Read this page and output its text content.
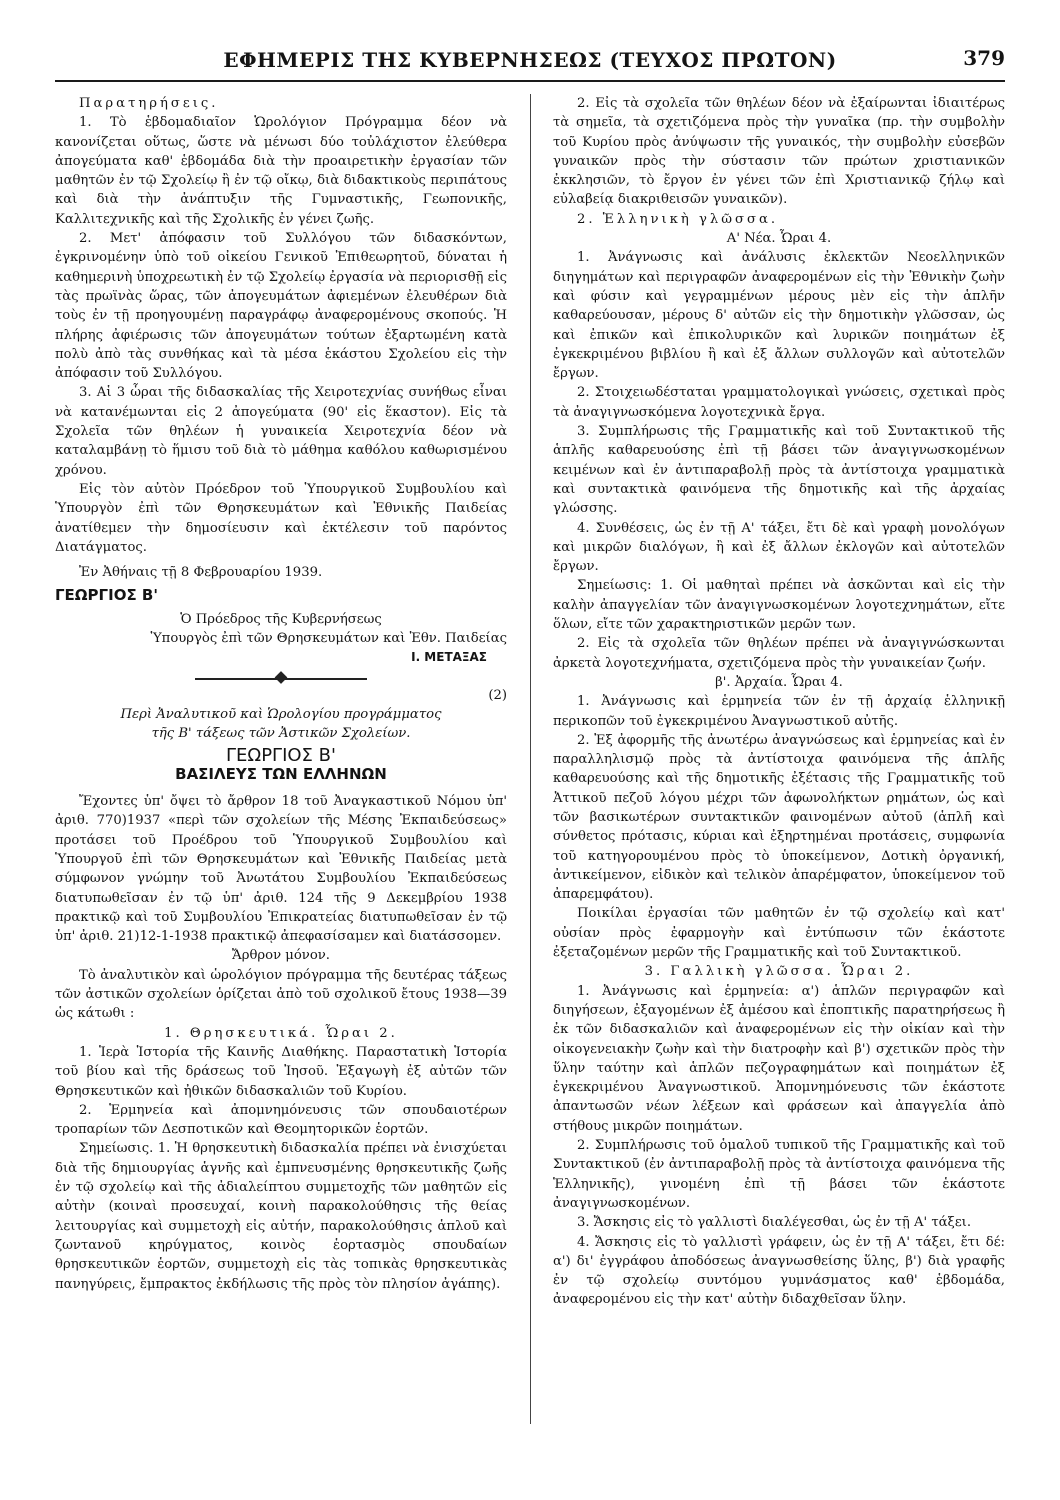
ΕΦΗΜΕΡΙΣ ΤΗΣ ΚΥΒΕΡΝΗΣΕΩΣ (ΤΕΥΧΟΣ ΠΡΩΤΟΝ)	379

Παρατηρήσεις.

1. Τὸ ἑβδομαδιαῖον Ὡρολόγιον Πρόγραμμα δέον νὰ κανονίζεται οὕτως, ὥστε νὰ μένωσι δύο τοὐλάχιστον ἐλεύθερα ἀπογεύματα καθ' ἑβδομάδα διὰ τὴν προαιρετικὴν ἐργασίαν τῶν μαθητῶν ἐν τῷ Σχολείῳ ἢ ἐν τῷ οἴκῳ, διὰ διδακτικοὺς περιπάτους καὶ διὰ τὴν ἀνάπτυξιν τῆς Γυμναστικῆς, Γεωπονικῆς, Καλλιτεχνικῆς καὶ τῆς Σχολικῆς ἐν γένει ζωῆς.

2. Μετ' ἀπόφασιν τοῦ Συλλόγου τῶν διδασκόντων, ἐγκρινομένην ὑπὸ τοῦ οἰκείου Γενικοῦ Ἐπιθεωρητοῦ, δύναται ἡ καθημερινὴ ὑποχρεωτικὴ ἐν τῷ Σχολείῳ ἐργασία νὰ περιορισθῇ εἰς τὰς πρωϊνὰς ὥρας, τῶν ἀπογευμάτων ἀφιεμένων ἐλευθέρων διὰ τοὺς ἐν τῇ προηγουμένῃ παραγράφῳ ἀναφερομένους σκοπούς. Ἡ πλήρης ἀφιέρωσις τῶν ἀπογευμάτων τούτων ἐξαρτωμένη κατὰ πολὺ ἀπὸ τὰς συνθήκας καὶ τὰ μέσα ἑκάστου Σχολείου εἰς τὴν ἀπόφασιν τοῦ Συλλόγου.

3. Αἱ 3 ὧραι τῆς διδασκαλίας τῆς Χειροτεχνίας συνήθως εἶναι νὰ κατανέμωνται εἰς 2 ἀπογεύματα (90' εἰς ἕκαστον). Εἰς τὰ Σχολεῖα τῶν θηλέων ἡ γυναικεία Χειροτεχνία δέον νὰ καταλαμβάνῃ τὸ ἥμισυ τοῦ διὰ τὸ μάθημα καθόλου καθωρισμένου χρόνου.

Εἰς τὸν αὐτὸν Πρόεδρον τοῦ Ὑπουργικοῦ Συμβουλίου καὶ Ὑπουργὸν ἐπὶ τῶν Θρησκευμάτων καὶ Ἐθνικῆς Παιδείας ἀνατίθεμεν τὴν δημοσίευσιν καὶ ἐκτέλεσιν τοῦ παρόντος Διατάγματος.

Ἐν Ἀθήναις τῇ 8 Φεβρουαρίου 1939.

ΓΕΩΡΓΙΟΣ Β'

Ὁ Πρόεδρος τῆς Κυβερνήσεως

Ὑπουργὸς ἐπὶ τῶν Θρησκευμάτων καὶ Ἐθν. Παιδείας

Ι. ΜΕΤΑΞΑΣ

(2)

Περὶ Ἀναλυτικοῦ καὶ Ὡρολογίου προγράμματος

τῆς Β' τάξεως τῶν Ἀστικῶν Σχολείων.

ΓΕΩΡΓΙΟΣ Β'

ΒΑΣΙΛΕΥΣ ΤΩΝ ΕΛΛΗΝΩΝ

Ἔχοντες ὑπ' ὄψει τὸ ἄρθρον 18 τοῦ Ἀναγκαστικοῦ Νόμου ὑπ' ἀριθ. 770)1937 «περὶ τῶν σχολείων τῆς Μέσης Ἐκπαιδεύσεως» προτάσει τοῦ Προέδρου τοῦ Ὑπουργικοῦ Συμβουλίου καὶ Ὑπουργοῦ ἐπὶ τῶν Θρησκευμάτων καὶ Ἐθνικῆς Παιδείας μετὰ σύμφωνον γνώμην τοῦ Ἀνωτάτου Συμβουλίου Ἐκπαιδεύσεως διατυπωθεῖσαν ἐν τῷ ὑπ' ἀριθ. 124 τῆς 9 Δεκεμβρίου 1938 πρακτικῷ καὶ τοῦ Συμβουλίου Ἐπικρατείας διατυπωθεῖσαν ἐν τῷ ὑπ' ἀριθ. 21)12-1-1938 πρακτικῷ ἀπεφασίσαμεν καὶ διατάσσομεν.

Ἄρθρον μόνον.

Τὸ ἀναλυτικὸν καὶ ὡρολόγιον πρόγραμμα τῆς δευτέρας τάξεως τῶν ἀστικῶν σχολείων ὁρίζεται ἀπὸ τοῦ σχολικοῦ ἔτους 1938—39 ὡς κάτωθι :

1. Θρησκευτικά. Ὧραι 2.

1. Ἱερὰ Ἱστορία τῆς Καινῆς Διαθήκης. Παραστατικὴ Ἱστορία τοῦ βίου καὶ τῆς δράσεως τοῦ Ἰησοῦ. Ἐξαγωγὴ ἐξ αὐτῶν τῶν Θρησκευτικῶν καὶ ἠθικῶν διδασκαλιῶν τοῦ Κυρίου.

2. Ἑρμηνεία καὶ ἀπομνημόνευσις τῶν σπουδαιοτέρων τροπαρίων τῶν Δεσποτικῶν καὶ Θεομητορικῶν ἑορτῶν.

Σημείωσις. 1. Ἡ θρησκευτικὴ διδασκαλία πρέπει νὰ ἐνισχύεται διὰ τῆς δημιουργίας ἁγνῆς καὶ ἐμπνευσμένης θρησκευτικῆς ζωῆς ἐν τῷ σχολείῳ καὶ τῆς ἀδιαλείπτου συμμετοχῆς τῶν μαθητῶν εἰς αὐτὴν (κοιναὶ προσευχαί, κοινὴ παρακολούθησις τῆς θείας λειτουργίας καὶ συμμετοχὴ εἰς αὐτήν, παρακολούθησις ἁπλοῦ καὶ ζωντανοῦ κηρύγματος, κοινὸς ἑορτασμὸς σπουδαίων θρησκευτικῶν ἑορτῶν, συμμετοχὴ εἰς τὰς τοπικὰς θρησκευτικὰς πανηγύρεις, ἔμπρακτος ἐκδήλωσις τῆς πρὸς τὸν πλησίον ἀγάπης).

2. Εἰς τὰ σχολεῖα τῶν θηλέων δέον νὰ ἐξαίρωνται ἰδιαιτέρως τὰ σημεῖα, τὰ σχετιζόμενα πρὸς τὴν γυναῖκα (πρ. τὴν συμβολὴν τοῦ Κυρίου πρὸς ἀνύψωσιν τῆς γυναικός, τὴν συμβολὴν εὐσεβῶν γυναικῶν πρὸς τὴν σύστασιν τῶν πρώτων χριστιανικῶν ἐκκλησιῶν, τὸ ἔργον ἐν γένει τῶν ἐπὶ Χριστιανικῷ ζήλῳ καὶ εὐλαβείᾳ διακριθεισῶν γυναικῶν).

2. Ἑλληνικὴ γλῶσσα.

Α' Νέα. Ὧραι 4.

1. Ἀνάγνωσις καὶ ἀνάλυσις ἐκλεκτῶν Νεοελληνικῶν διηγημάτων καὶ περιγραφῶν ἀναφερομένων εἰς τὴν Ἐθνικὴν ζωὴν καὶ φύσιν καὶ γεγραμμένων μέρους μὲν εἰς τὴν ἁπλῆν καθαρεύουσαν, μέρους δ' αὐτῶν εἰς τὴν δημοτικὴν γλῶσσαν, ὡς καὶ ἐπικῶν καὶ ἐπικολυρικῶν καὶ λυρικῶν ποιημάτων ἐξ ἐγκεκριμένου βιβλίου ἢ καὶ ἐξ ἄλλων συλλογῶν καὶ αὐτοτελῶν ἔργων.

2. Στοιχειωδέσταται γραμματολογικαὶ γνώσεις, σχετικαὶ πρὸς τὰ ἀναγιγνωσκόμενα λογοτεχνικὰ ἔργα.

3. Συμπλήρωσις τῆς Γραμματικῆς καὶ τοῦ Συντακτικοῦ τῆς ἁπλῆς καθαρευούσης ἐπὶ τῇ βάσει τῶν ἀναγιγνωσκομένων κειμένων καὶ ἐν ἀντιπαραβολῇ πρὸς τὰ ἀντίστοιχα γραμματικὰ καὶ συντακτικὰ φαινόμενα τῆς δημοτικῆς καὶ τῆς ἀρχαίας γλώσσης.

4. Συνθέσεις, ὡς ἐν τῇ Α' τάξει, ἔτι δὲ καὶ γραφὴ μονολόγων καὶ μικρῶν διαλόγων, ἢ καὶ ἐξ ἄλλων ἐκλογῶν καὶ αὐτοτελῶν ἔργων.

Σημείωσις: 1. Οἱ μαθηταὶ πρέπει νὰ ἀσκῶνται καὶ εἰς τὴν καλὴν ἀπαγγελίαν τῶν ἀναγιγνωσκομένων λογοτεχνημάτων, εἴτε ὅλων, εἴτε τῶν χαρακτηριστικῶν μερῶν των.

2. Εἰς τὰ σχολεῖα τῶν θηλέων πρέπει νὰ ἀναγιγνώσκωνται ἀρκετὰ λογοτεχνήματα, σχετιζόμενα πρὸς τὴν γυναικείαν ζωήν.

β'. Ἀρχαία. Ὧραι 4.

1. Ἀνάγνωσις καὶ ἑρμηνεία τῶν ἐν τῇ ἀρχαίᾳ ἑλληνικῇ περικοπῶν τοῦ ἐγκεκριμένου Ἀναγνωστικοῦ αὐτῆς.

2. Ἐξ ἀφορμῆς τῆς ἀνωτέρω ἀναγνώσεως καὶ ἑρμηνείας καὶ ἐν παραλληλισμῷ πρὸς τὰ ἀντίστοιχα φαινόμενα τῆς ἁπλῆς καθαρευούσης καὶ τῆς δημοτικῆς ἐξέτασις τῆς Γραμματικῆς τοῦ Ἀττικοῦ πεζοῦ λόγου μέχρι τῶν ἀφωνολήκτων ρημάτων, ὡς καὶ τῶν βασικωτέρων συντακτικῶν φαινομένων αὐτοῦ (ἁπλῆ καὶ σύνθετος πρότασις, κύριαι καὶ ἐξηρτημέναι προτάσεις, συμφωνία τοῦ κατηγορουμένου πρὸς τὸ ὑποκείμενον, Δοτικὴ ὀργανική, ἀντικείμενον, εἰδικὸν καὶ τελικὸν ἀπαρέμφατον, ὑποκείμενον τοῦ ἀπαρεμφάτου).

Ποικίλαι ἐργασίαι τῶν μαθητῶν ἐν τῷ σχολείῳ καὶ κατ' οὐσίαν πρὸς ἐφαρμογὴν καὶ ἐντύπωσιν τῶν ἑκάστοτε ἐξεταζομένων μερῶν τῆς Γραμματικῆς καὶ τοῦ Συντακτικοῦ.

3. Γαλλικὴ γλῶσσα. Ὧραι 2.

1. Ἀνάγνωσις καὶ ἑρμηνεία: α') ἁπλῶν περιγραφῶν καὶ διηγήσεων, ἐξαγομένων ἐξ ἀμέσου καὶ ἐποπτικῆς παρατηρήσεως ἢ ἐκ τῶν διδασκαλιῶν καὶ ἀναφερομένων εἰς τὴν οἰκίαν καὶ τὴν οἰκογενειακὴν ζωὴν καὶ τὴν διατροφὴν καὶ β') σχετικῶν πρὸς τὴν ὕλην ταύτην καὶ ἁπλῶν πεζογραφημάτων καὶ ποιημάτων ἐξ ἐγκεκριμένου Ἀναγνωστικοῦ. Ἀπομνημόνευσις τῶν ἑκάστοτε ἀπαντωσῶν νέων λέξεων καὶ φράσεων καὶ ἀπαγγελία ἀπὸ στήθους μικρῶν ποιημάτων.

2. Συμπλήρωσις τοῦ ὁμαλοῦ τυπικοῦ τῆς Γραμματικῆς καὶ τοῦ Συντακτικοῦ (ἐν ἀντιπαραβολῇ πρὸς τὰ ἀντίστοιχα φαινόμενα τῆς Ἑλληνικῆς), γινομένη ἐπὶ τῇ βάσει τῶν ἑκάστοτε ἀναγιγνωσκομένων.

3. Ἄσκησις εἰς τὸ γαλλιστὶ διαλέγεσθαι, ὡς ἐν τῇ Α' τάξει.

4. Ἄσκησις εἰς τὸ γαλλιστὶ γράφειν, ὡς ἐν τῇ Α' τάξει, ἔτι δέ: α') δι' ἐγγράφου ἀποδόσεως ἀναγνωσθείσης ὕλης, β') διὰ γραφῆς ἐν τῷ σχολείῳ συντόμου γυμνάσματος καθ' ἑβδομάδα, ἀναφερομένου εἰς τὴν κατ' αὐτὴν διδαχθεῖσαν ὕλην.
